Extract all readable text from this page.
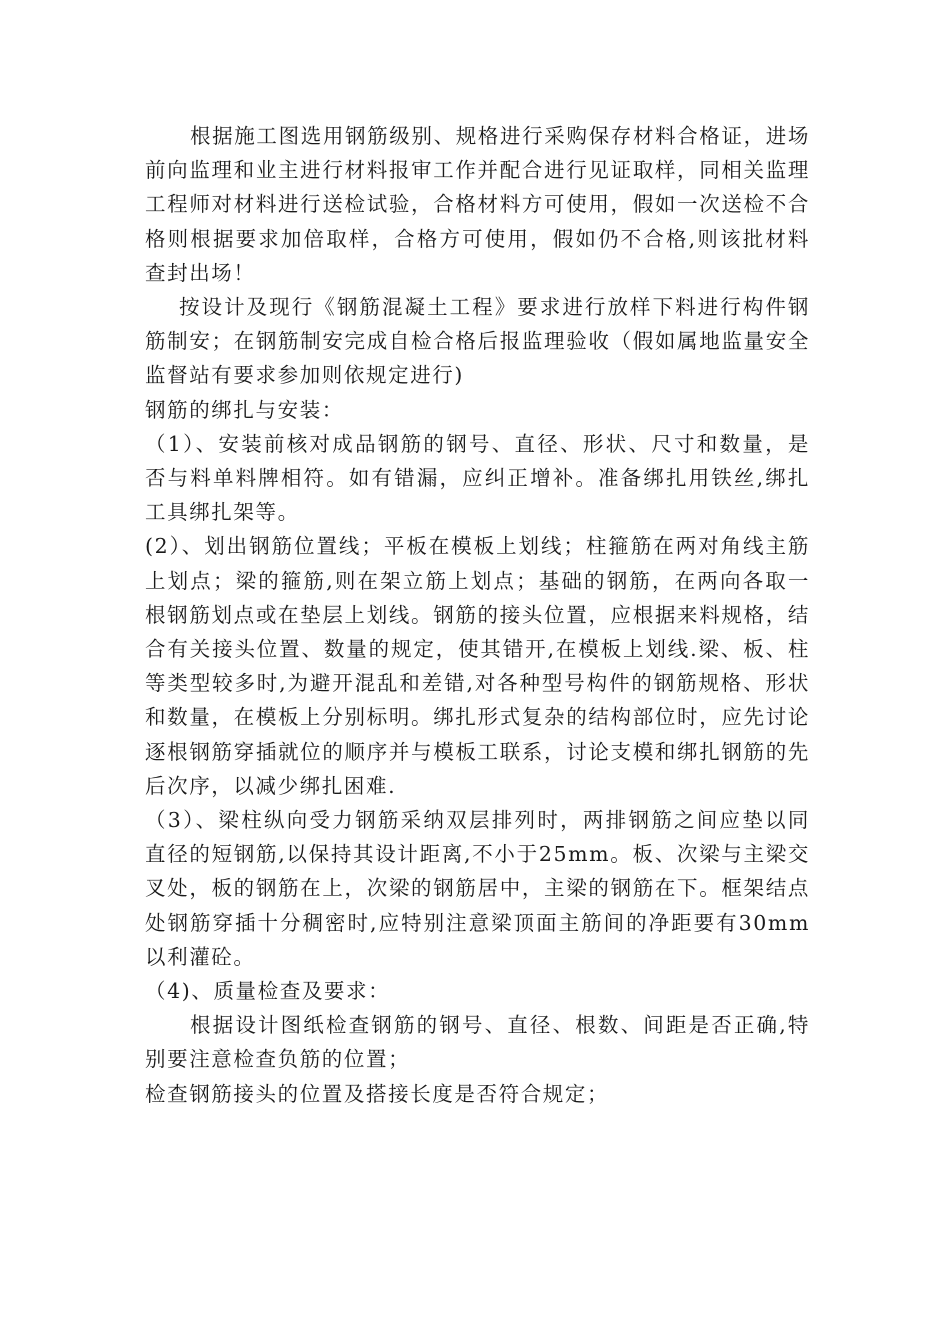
根据施工图选用钢筋级别、规格进行采购保存材料合格证，进场前向监理和业主进行材料报审工作并配合进行见证取样，同相关监理工程师对材料进行送检试验，合格材料方可使用，假如一次送检不合格则根据要求加倍取样，合格方可使用，假如仍不合格,则该批材料查封出场！

按设计及现行《钢筋混凝土工程》要求进行放样下料进行构件钢筋制安；在钢筋制安完成自检合格后报监理验收（假如属地监量安全监督站有要求参加则依规定进行)

钢筋的绑扎与安装：

（1）、安装前核对成品钢筋的钢号、直径、形状、尺寸和数量，是否与料单料牌相符。如有错漏，应纠正增补。准备绑扎用铁丝,绑扎工具绑扎架等。

(2）、划出钢筋位置线；平板在模板上划线；柱箍筋在两对角线主筋上划点；梁的箍筋,则在架立筋上划点；基础的钢筋，在两向各取一根钢筋划点或在垫层上划线。钢筋的接头位置，应根据来料规格，结合有关接头位置、数量的规定，使其错开,在模板上划线.梁、板、柱等类型较多时,为避开混乱和差错,对各种型号构件的钢筋规格、形状和数量，在模板上分别标明。绑扎形式复杂的结构部位时，应先讨论逐根钢筋穿插就位的顺序并与模板工联系，讨论支模和绑扎钢筋的先后次序，以减少绑扎困难.

（3）、梁柱纵向受力钢筋采纳双层排列时，两排钢筋之间应垫以同直径的短钢筋,以保持其设计距离,不小于25mm。板、次梁与主梁交叉处，板的钢筋在上，次梁的钢筋居中，主梁的钢筋在下。框架结点处钢筋穿插十分稠密时,应特别注意梁顶面主筋间的净距要有30mm以利灌砼。

（4)、质量检查及要求：

根据设计图纸检查钢筋的钢号、直径、根数、间距是否正确,特别要注意检查负筋的位置；

检查钢筋接头的位置及搭接长度是否符合规定；
